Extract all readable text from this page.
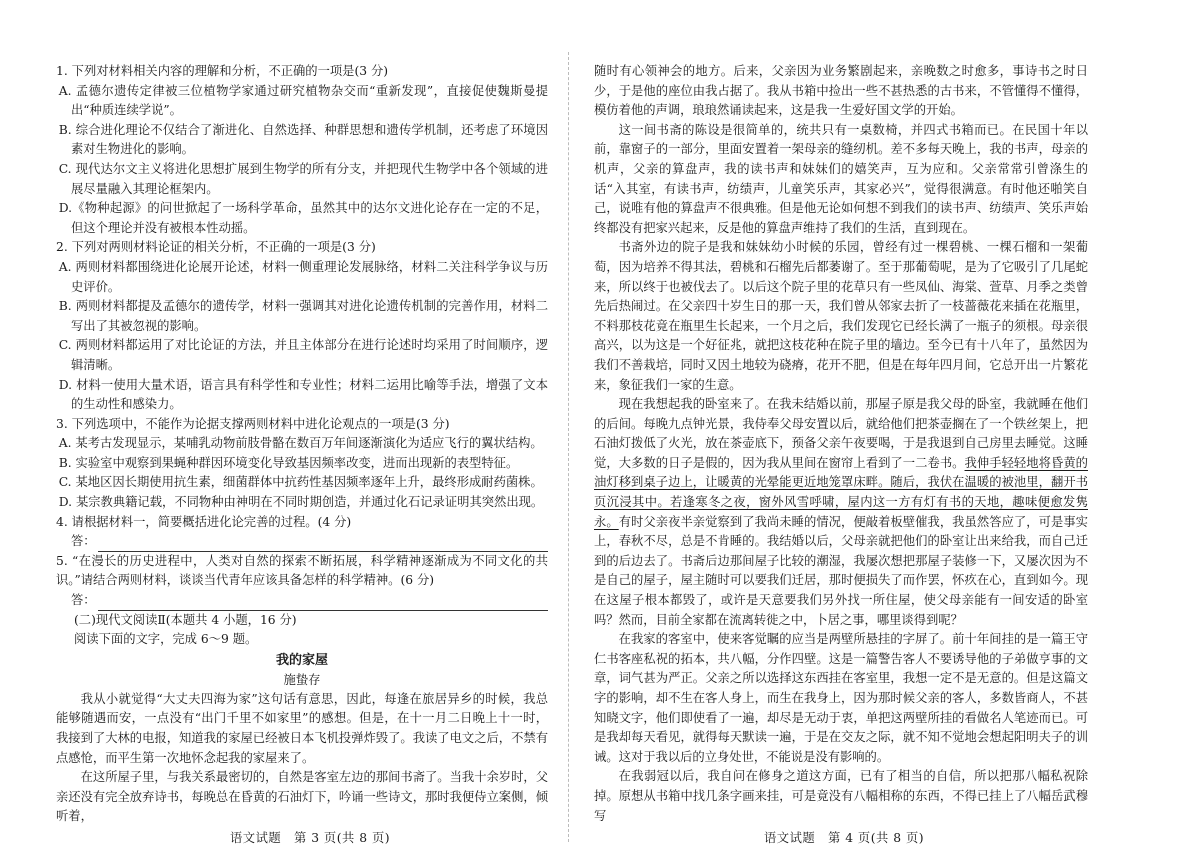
1. 下列对材料相关内容的理解和分析，不正确的一项是(3 分)
A. 孟德尔遗传定律被三位植物学家通过研究植物杂交而“重新发现”，直接促使魏斯曼提出“种质连续学说”。
B. 综合进化理论不仅结合了渐进化、自然选择、种群思想和遗传学机制，还考虑了环境因素对生物进化的影响。
C. 现代达尔文主义将进化思想扩展到生物学的所有分支，并把现代生物学中各个领域的进展尽量融入其理论框架内。
D.《物种起源》的问世掀起了一场科学革命，虽然其中的达尔文进化论存在一定的不足，但这个理论并没有被根本性动摇。
2. 下列对两则材料论证的相关分析，不正确的一项是(3 分)
A. 两则材料都围绕进化论展开论述，材料一侧重理论发展脉络，材料二关注科学争议与历史评价。
B. 两则材料都提及孟德尔的遗传学，材料一强调其对进化论遗传机制的完善作用，材料二写出了其被忽视的影响。
C. 两则材料都运用了对比论证的方法，并且主体部分在进行论述时均采用了时间顺序，逻辑清晰。
D. 材料一使用大量术语，语言具有科学性和专业性；材料二运用比喻等手法，增强了文本的生动性和感染力。
3. 下列选项中，不能作为论据支撑两则材料中进化论观点的一项是(3 分)
A. 某考古发现显示，某哺乳动物前肢骨骼在数百万年间逐渐演化为适应飞行的翼状结构。
B. 实验室中观察到果蝇种群因环境变化导致基因频率改变，进而出现新的表型特征。
C. 某地区因长期使用抗生素，细菌群体中抗药性基因频率逐年上升，最终形成耐药菌株。
D. 某宗教典籍记载，不同物种由神明在不同时期创造，并通过化石记录证明其突然出现。
4. 请根据材料一，简要概括进化论完善的过程。(4 分)
答：
5. “在漫长的历史进程中，人类对自然的探索不断拓展，科学精神逐渐成为不同文化的共识。”请结合两则材料，谈谈当代青年应该具备怎样的科学精神。(6 分)
答：
(二)现代文阅读Ⅱ(本题共 4 小题，16 分)
阅读下面的文字，完成 6～9 题。
我的家屋
施蛰存

我从小就觉得“大丈夫四海为家”这句话有意思，因此，每逢在旅居异乡的时候，我总能够随遇而安，一点没有“出门千里不如家里”的感想。但是，在十一月二日晚上十一时，我接到了大林的电报，知道我的家屋已经被日本飞机投弹炸毁了。我读了电文之后，不禁有点感怆，而平生第一次地怀念起我的家屋来了。

在这所屋子里，与我关系最密切的，自然是客室左边的那间书斋了。当我十余岁时，父亲还没有完全放弃诗书，每晚总在昏黄的石油灯下，吟诵一些诗文，那时我便侍立案侧，倾听着，

随时有心领神会的地方。后来，父亲因为业务繁剧起来，亲晚数之时愈多，事诗书之时日少，于是他的座位由我占据了。我从书箱中捡出一些不甚热悉的古书来，不管懂得不懂得，模仿着他的声调，琅琅然诵读起来，这是我一生爱好国文学的开始。

这一间书斋的陈设是很简单的，统共只有一桌数椅，并四式书箱而已。在民国十年以前，靠窗子的一部分，里面安置着一架母亲的缝纫机。差不多每天晚上，我的书声，母亲的机声，父亲的算盘声，我的读书声和妹妹们的嬉笑声，互为应和。父亲常常引曾涤生的话“入其室，有读书声，纺绩声，儿童笑乐声，其家必兴”，觉得很满意。有时他还啪笑自己，说唯有他的算盘声不很典雅。但是他无论如何想不到我们的读书声、纺绩声、笑乐声始终都没有把家兴起来，反是他的算盘声维持了我们的生活，直到现在。

书斋外边的院子是我和妹妹幼小时候的乐园，曾经有过一棵碧桃、一棵石榴和一架葡萄，因为培养不得其法，碧桃和石榴先后都萎谢了。至于那葡萄呢，是为了它吸引了几尾蛇来，所以终于也被伐去了。以后这个院子里的花草只有一些凤仙、海棠、萱草、月季之类曾先后热闹过。在父亲四十岁生日的那一天，我们曾从邻家去折了一枝蔷薇花来插在花瓶里，不料那枝花竟在瓶里生长起来，一个月之后，我们发现它已经长满了一瓶子的须根。母亲很高兴，以为这是一个好征兆，就把这枝花种在院子里的墙边。至今已有十八年了，虽然因为我们不善栽培，同时又因土地较为硗瘠，花开不肥，但是在每年四月间，它总开出一片繁花来，象征我们一家的生意。

现在我想起我的卧室来了。在我未结婚以前，那屋子原是我父母的卧室，我就睡在他们的后间。每晚九点钟光景，我侍奉父母安置以后，就给他们把茶壶搁在了一个铁丝架上，把石油灯拨低了火光，放在茶壶底下，预备父亲午夜要喝，于是我退到自己房里去睡觉。这睡觉，大多数的日子是假的，因为我从里间在窗帘上看到了一二卷书。我伸手轻轻地将昏黄的油灯移到桌子边上，让暖黄的光晕能更近地笼罩床畔。随后，我伏在温暖的被池里，翻开书页沉浸其中。若逢寒冬之夜，窗外风雪呼啸，屋内这一方有灯有书的天地，趣味便愈发隽永。有时父亲夜半亲觉察到了我尚未睡的情况，便敲着板壁催我，我虽然答应了，可是事实上，春秋不尽，总是不肯睡的。我结婚以后，父母亲就把他们的卧室让出来给我，而自己迁到的后边去了。书斋后边那间屋子比较的潮湿，我屡次想把那屋子装修一下，又屡次因为不是自己的屋子，屋主随时可以要我们迁居，那时便损失了而作罢，怀疚在心，直到如今。现在这屋子根本都毁了，或许是天意要我们另外找一所住屋，使父母亲能有一间安适的卧室吗？然而，目前全家都在流离转徙之中，卜居之事，哪里谈得到呢？

在我家的客室中，使来客觉瞩的应当是两壁所悬挂的字屏了。前十年间挂的是一篇王守仁书客座私祝的拓本，共八幅，分作四壁。这是一篇警告客人不要诱导他的子弟做亨事的文章，词气甚为严正。父亲之所以选择这东西挂在客室里，我想一定不是无意的。但是这篇文字的影响，却不生在客人身上，而生在我身上，因为那时候父亲的客人，多数皆商人，不甚知晓文字，他们即使看了一遍，却尽是无动于衷，单把这两壁所挂的看做名人笔迹而已。可是我却每天看见，就得每天默读一遍，于是在交友之际，就不知不觉地会想起阳明夫子的训诫。这对于我以后的立身处世，不能说是没有影响的。

在我弱冠以后，我自问在修身之道这方面，已有了相当的自信，所以把那八幅私祝除掉。原想从书箱中找几条字画来挂，可是竟没有八幅相称的东西，不得已挂上了八幅岳武穆写

语文试题　第 3 页(共 8 页)	语文试题　第 4 页(共 8 页)
